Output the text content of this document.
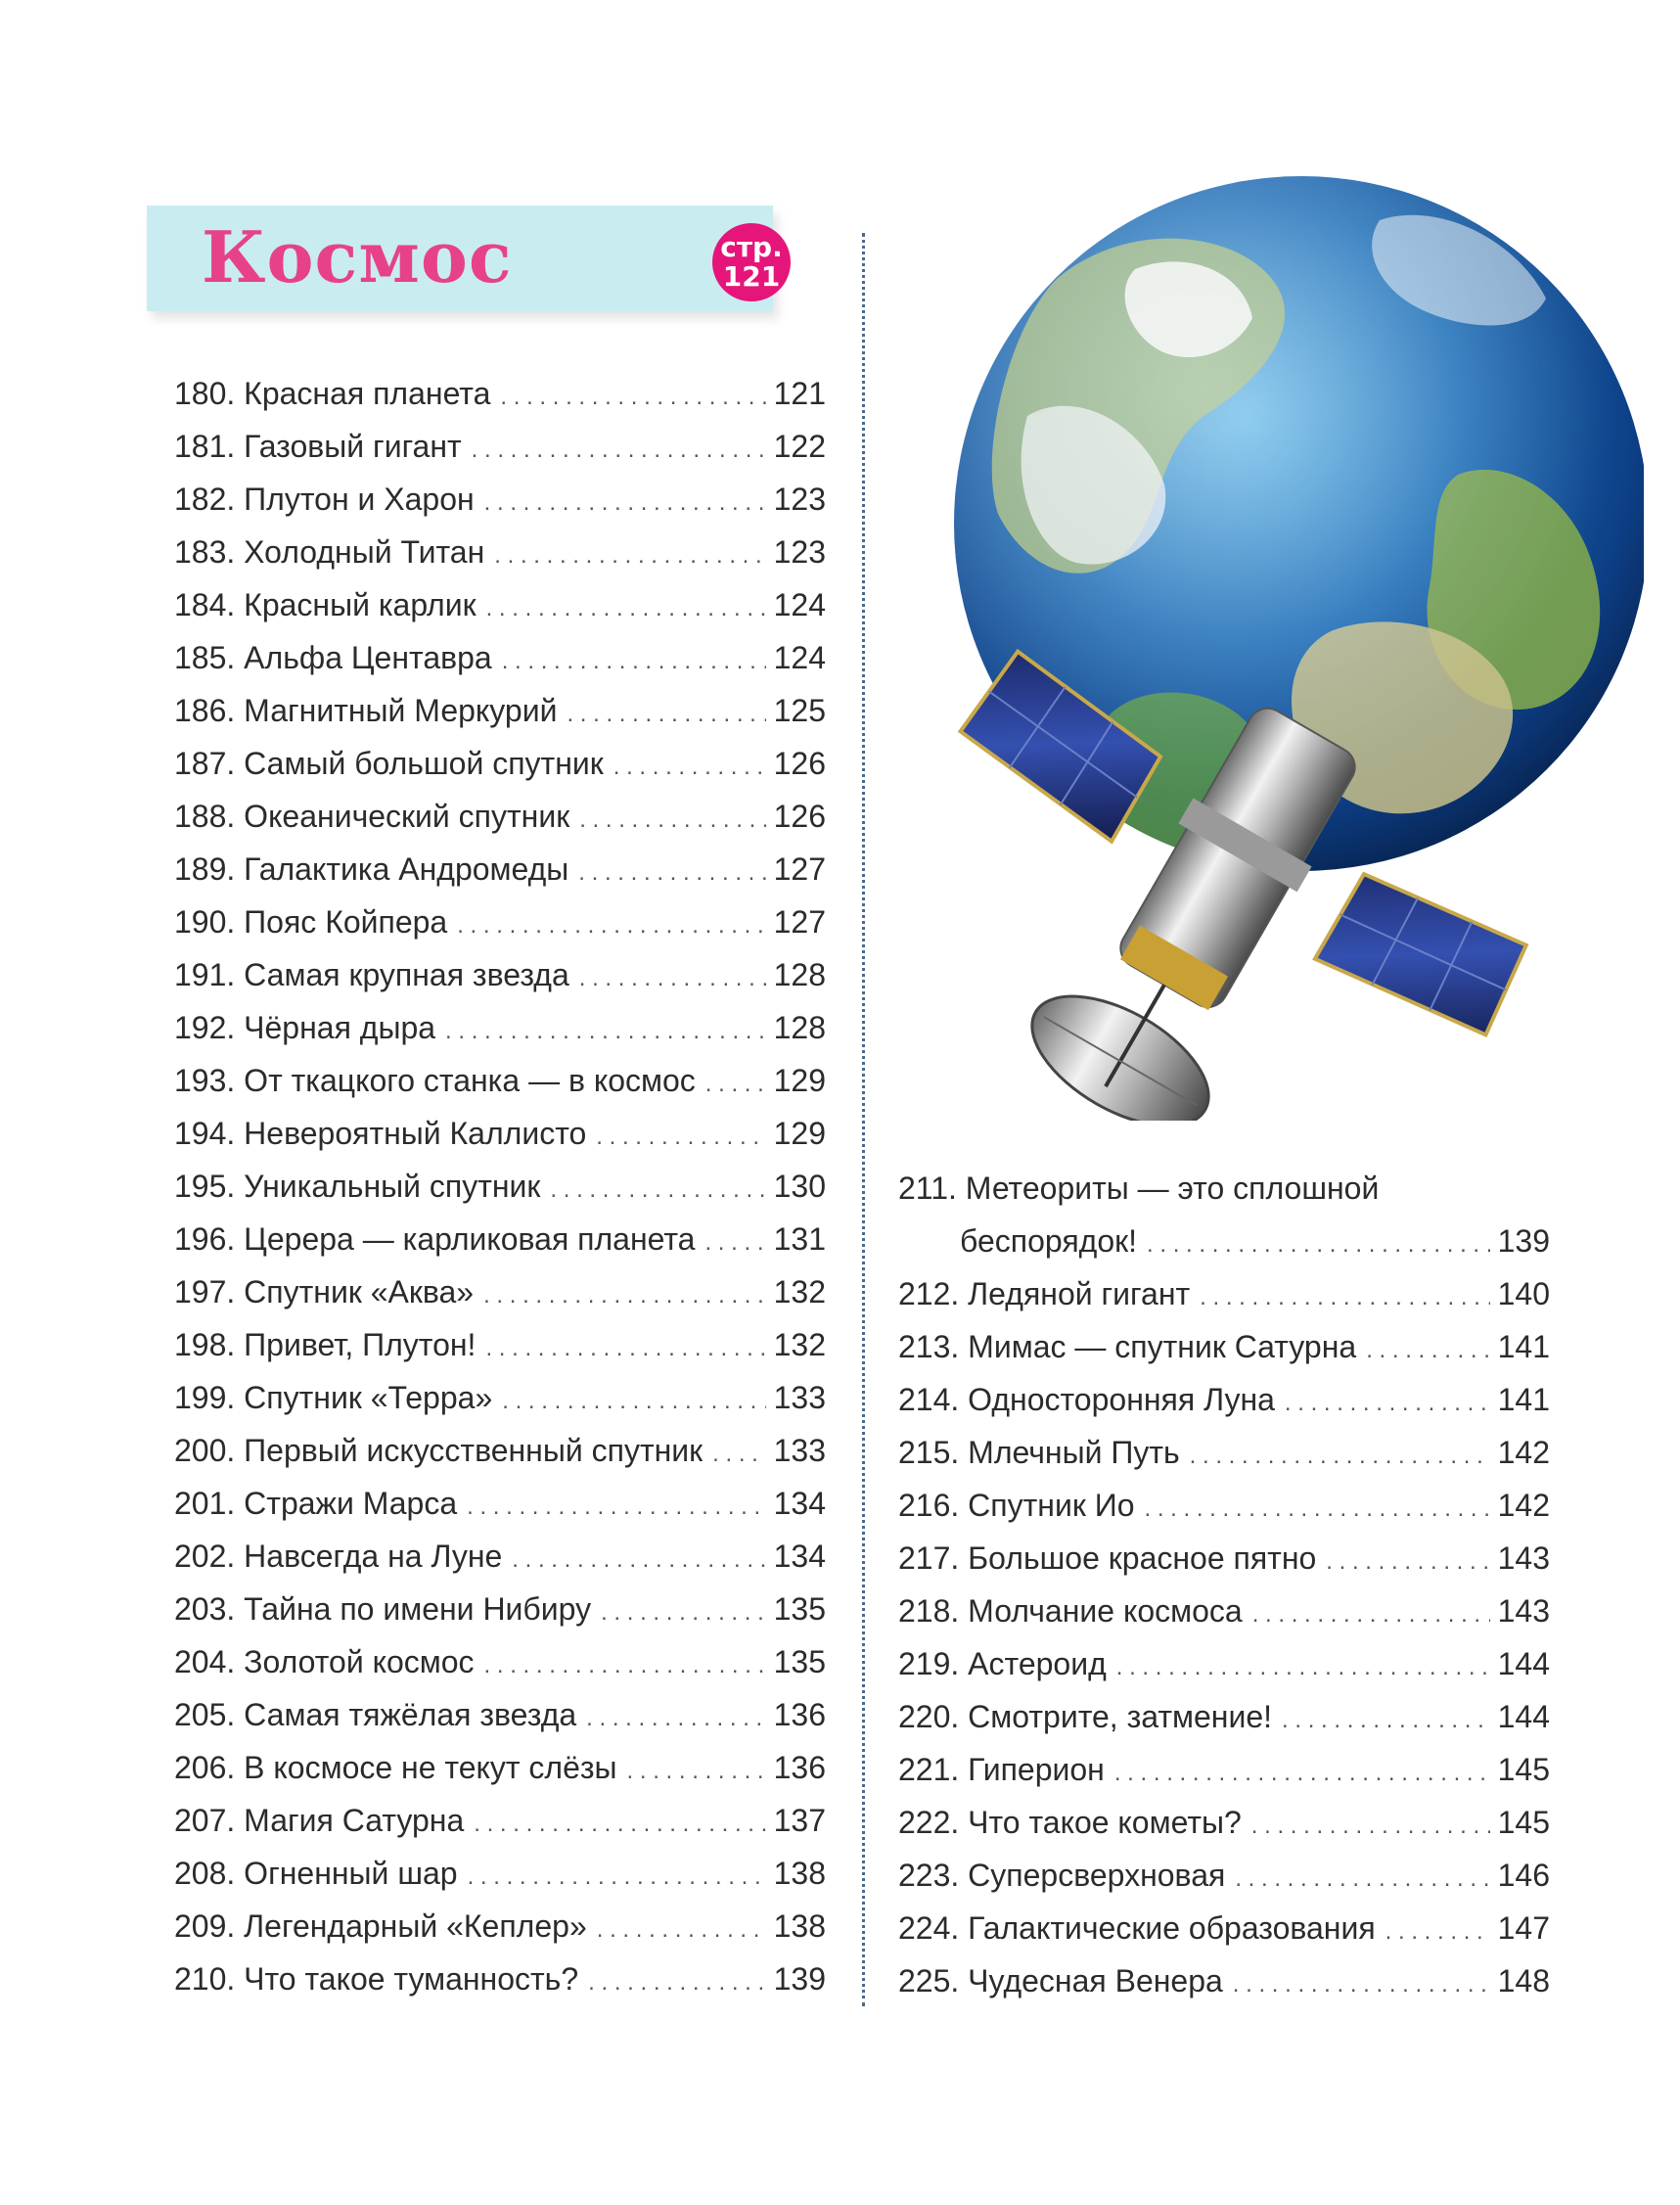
Космос	стр.
121
180. Красная планета . . .	121
181. Газовый гигант . . .	122
182. Плутон и Харон . . .	123
183. Холодный Титан . . .	123
184. Красный карлик . . .	124
185. Альфа Центавра . . .	124
186. Магнитный Меркурий . . .	125
187. Самый большой спутник . . .	126
188. Океанический спутник . . .	126
189. Галактика Андромеды . . .	127
190. Пояс Койпера . . .	127
191. Самая крупная звезда . . .	128
192. Чёрная дыра . . .	128
193. От ткацкого станка — в космос . . . 129
194. Невероятный Каллисто . . .	129
195. Уникальный спутник . . .	130
196. Церера — карликовая планета . . .	131
197. Спутник «Аква» . . .	132
198. Привет, Плутон! . . .	132
199. Спутник «Терра» . . .	133
200. Первый искусственный спутник . . . 133
201. Стражи Марса . . .	134
202. Навсегда на Луне . . .	134
203. Тайна по имени Нибиру . . .	135
204. Золотой космос . . .	135
205. Самая тяжёлая звезда . . .	136
206. В космосе не текут слёзы . . .	136
207. Магия Сатурна . . .	137
208. Огненный шар . . .	138
209. Легендарный «Кеплер» . . .	138
210. Что такое туманность? . . .	139
211. Метеориты — это сплошной
беспорядок! . . .	139
212. Ледяной гигант . . .	140
213. Мимас — спутник Сатурна . . .	141
214. Односторонняя Луна . . .	141
215. Млечный Путь . . .	142
216. Спутник Ио . . .	142
217. Большое красное пятно . . .	143
218. Молчание космоса . . .	143
219. Астероид . . .	144
220. Смотрите, затмение! . . .	144
221. Гиперион . . .	145
222. Что такое кометы? . . .	145
223. Суперсверхновая . . .	146
224. Галактические образования . . .	147
225. Чудесная Венера . . .	148
